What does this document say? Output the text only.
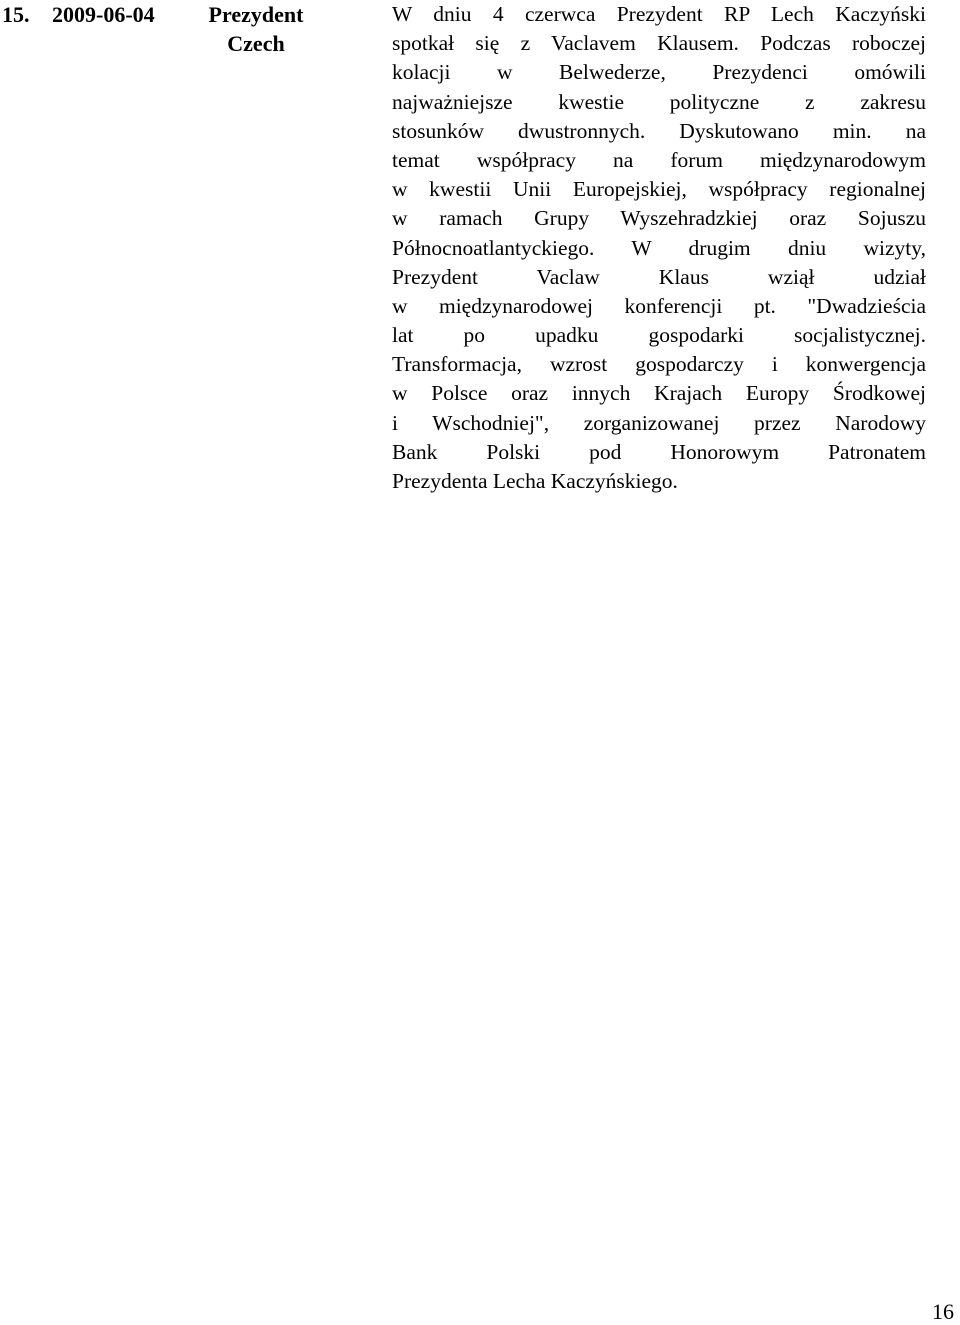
15. 2009-06-04	Prezydent
Czech
W dniu 4 czerwca Prezydent RP Lech Kaczyński
spotkał się z Vaclavem Klausem. Podczas roboczej
kolacji w Belwederze, Prezydenci omówili
najważniejsze kwestie polityczne z zakresu
stosunków dwustronnych. Dyskutowano min. na
temat współpracy na forum międzynarodowym
w kwestii Unii Europejskiej, współpracy regionalnej
w ramach Grupy Wyszehradzkiej oraz Sojuszu
Północnoatlantyckiego. W drugim dniu wizyty,
Prezydent Vaclaw Klaus wziął udział
w międzynarodowej konferencji pt. "Dwadzieścia
lat po upadku gospodarki socjalistycznej.
Transformacja, wzrost gospodarczy i konwergencja
w Polsce oraz innych Krajach Europy Środkowej
i Wschodniej", zorganizowanej przez Narodowy
Bank Polski pod Honorowym Patronatem
Prezydenta Lecha Kaczyńskiego.
16
